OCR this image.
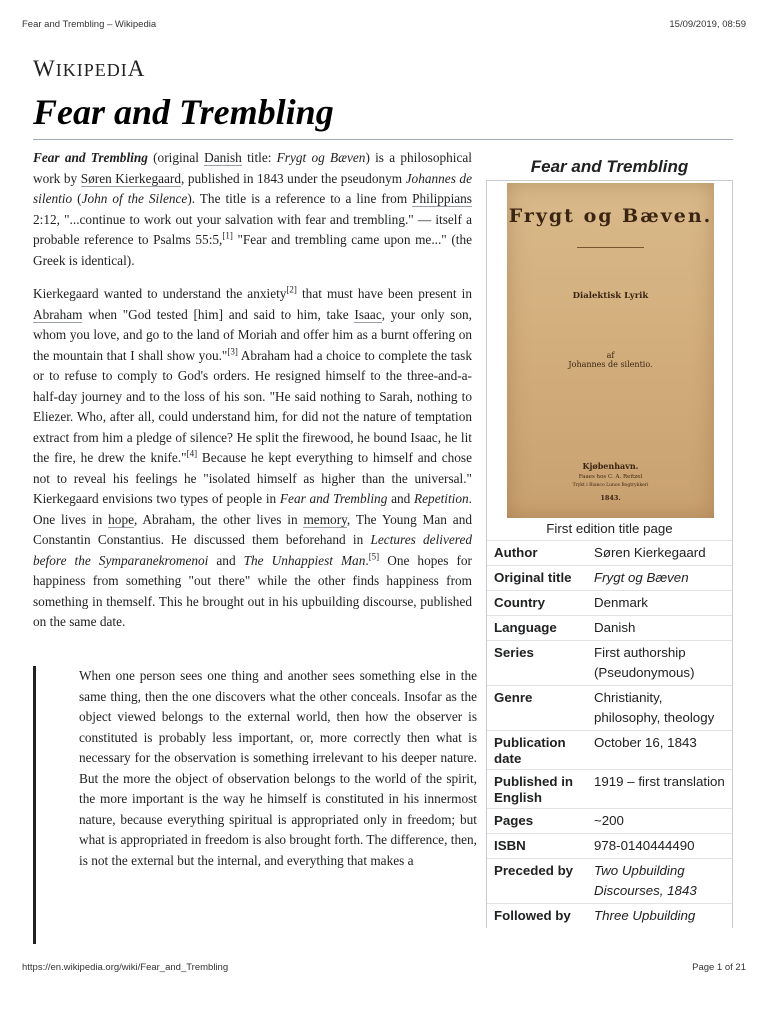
Fear and Trembling – Wikipedia	15/09/2019, 08:59
WIKIPEDIA
Fear and Trembling

Fear and Trembling (original Danish title: Frygt og Bæven) is a philosophical work by Søren Kierkegaard, published in 1843 under the pseudonym Johannes de silentio (John of the Silence). The title is a reference to a line from Philippians 2:12, "...continue to work out your salvation with fear and trembling." — itself a probable reference to Psalms 55:5,[1] "Fear and trembling came upon me..." (the Greek is identical).

Kierkegaard wanted to understand the anxiety[2] that must have been present in Abraham when "God tested [him] and said to him, take Isaac, your only son, whom you love, and go to the land of Moriah and offer him as a burnt offering on the mountain that I shall show you."[3] Abraham had a choice to complete the task or to refuse to comply to God's orders. He resigned himself to the three-and-a-half-day journey and to the loss of his son. "He said nothing to Sarah, nothing to Eliezer. Who, after all, could understand him, for did not the nature of temptation extract from him a pledge of silence? He split the firewood, he bound Isaac, he lit the fire, he drew the knife."[4] Because he kept everything to himself and chose not to reveal his feelings he "isolated himself as higher than the universal." Kierkegaard envisions two types of people in Fear and Trembling and Repetition. One lives in hope, Abraham, the other lives in memory, The Young Man and Constantin Constantius. He discussed them beforehand in Lectures delivered before the Symparanekromenoi and The Unhappiest Man.[5] One hopes for happiness from something "out there" while the other finds happiness from something in themself. This he brought out in his upbuilding discourse, published on the same date.

When one person sees one thing and another sees something else in the same thing, then the one discovers what the other conceals. Insofar as the object viewed belongs to the external world, then how the observer is constituted is probably less important, or, more correctly then what is necessary for the observation is something irrelevant to his deeper nature. But the more the object of observation belongs to the world of the spirit, the more important is the way he himself is constituted in his innermost nature, because everything spiritual is appropriated only in freedom; but what is appropriated in freedom is also brought forth. The difference, then, is not the external but the internal, and everything that makes a
Fear and Trembling
Frygt og Bæven.
Dialektisk Lyrik
af
Johannes de silentio.
Kjøbenhavn.
Faaes hos C. A. Reitzel
Trykt i Bianco Lunos Bogtrykkeri
1843.
First edition title page
Author	Søren Kierkegaard
Original title	Frygt og Bæven
Country	Denmark
Language	Danish
Series	First authorship (Pseudonymous)
Genre	Christianity, philosophy, theology
Publication date	October 16, 1843
Published in English	1919 – first translation
Pages	~200
ISBN	978-0140444490
Preceded by	Two Upbuilding Discourses, 1843
Followed by	Three Upbuilding
https://en.wikipedia.org/wiki/Fear_and_Trembling	Page 1 of 21
